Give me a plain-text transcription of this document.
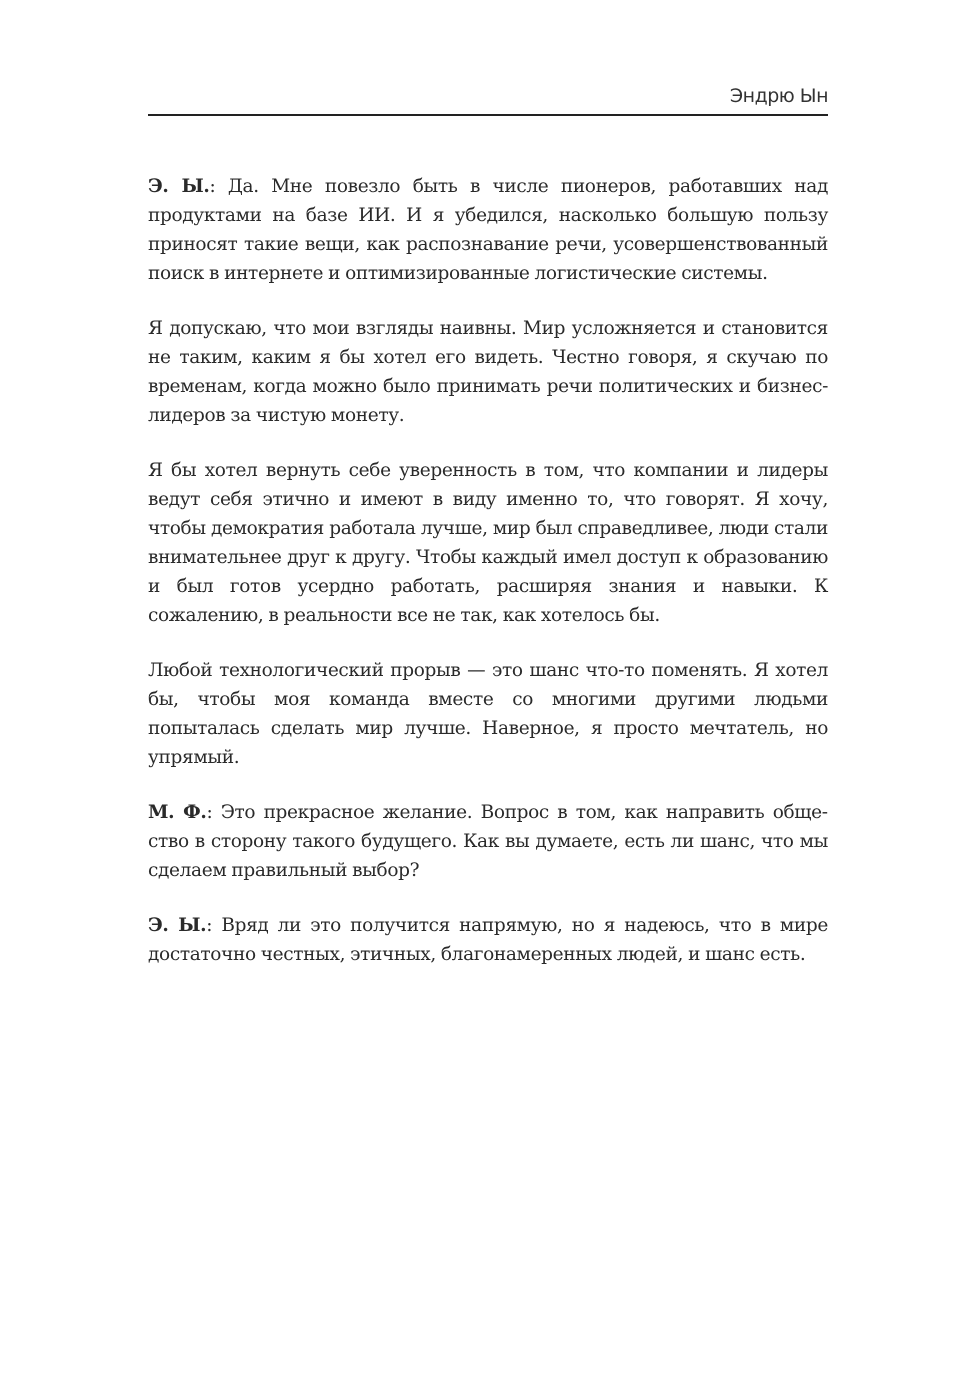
Эндрю Ын

Э. Ы.: Да. Мне повезло быть в числе пионеров, работавших над продуктами на базе ИИ. И я убедился, насколько большую пользу приносят такие вещи, как распознавание речи, усовершенствованный поиск в интернете и оптимизированные логистические системы.

Я допускаю, что мои взгляды наивны. Мир усложняется и становится не таким, каким я бы хотел его видеть. Честно говоря, я скучаю по временам, когда можно было принимать речи политических и бизнес-лидеров за чистую монету.

Я бы хотел вернуть себе уверенность в том, что компании и лидеры ведут себя этично и имеют в виду именно то, что говорят. Я хочу, чтобы демократия работала лучше, мир был справедливее, люди стали внимательнее друг к другу. Чтобы каждый имел доступ к образованию и был готов усердно работать, расширяя знания и навыки. К сожалению, в реальности все не так, как хотелось бы.

Любой технологический прорыв — это шанс что-то поменять. Я хотел бы, чтобы моя команда вместе со многими другими людьми попыталась сделать мир лучше. Наверное, я просто мечтатель, но упрямый.

М. Ф.: Это прекрасное желание. Вопрос в том, как направить общество в сторону такого будущего. Как вы думаете, есть ли шанс, что мы сделаем правильный выбор?

Э. Ы.: Вряд ли это получится напрямую, но я надеюсь, что в мире достаточно честных, этичных, благонамеренных людей, и шанс есть.
